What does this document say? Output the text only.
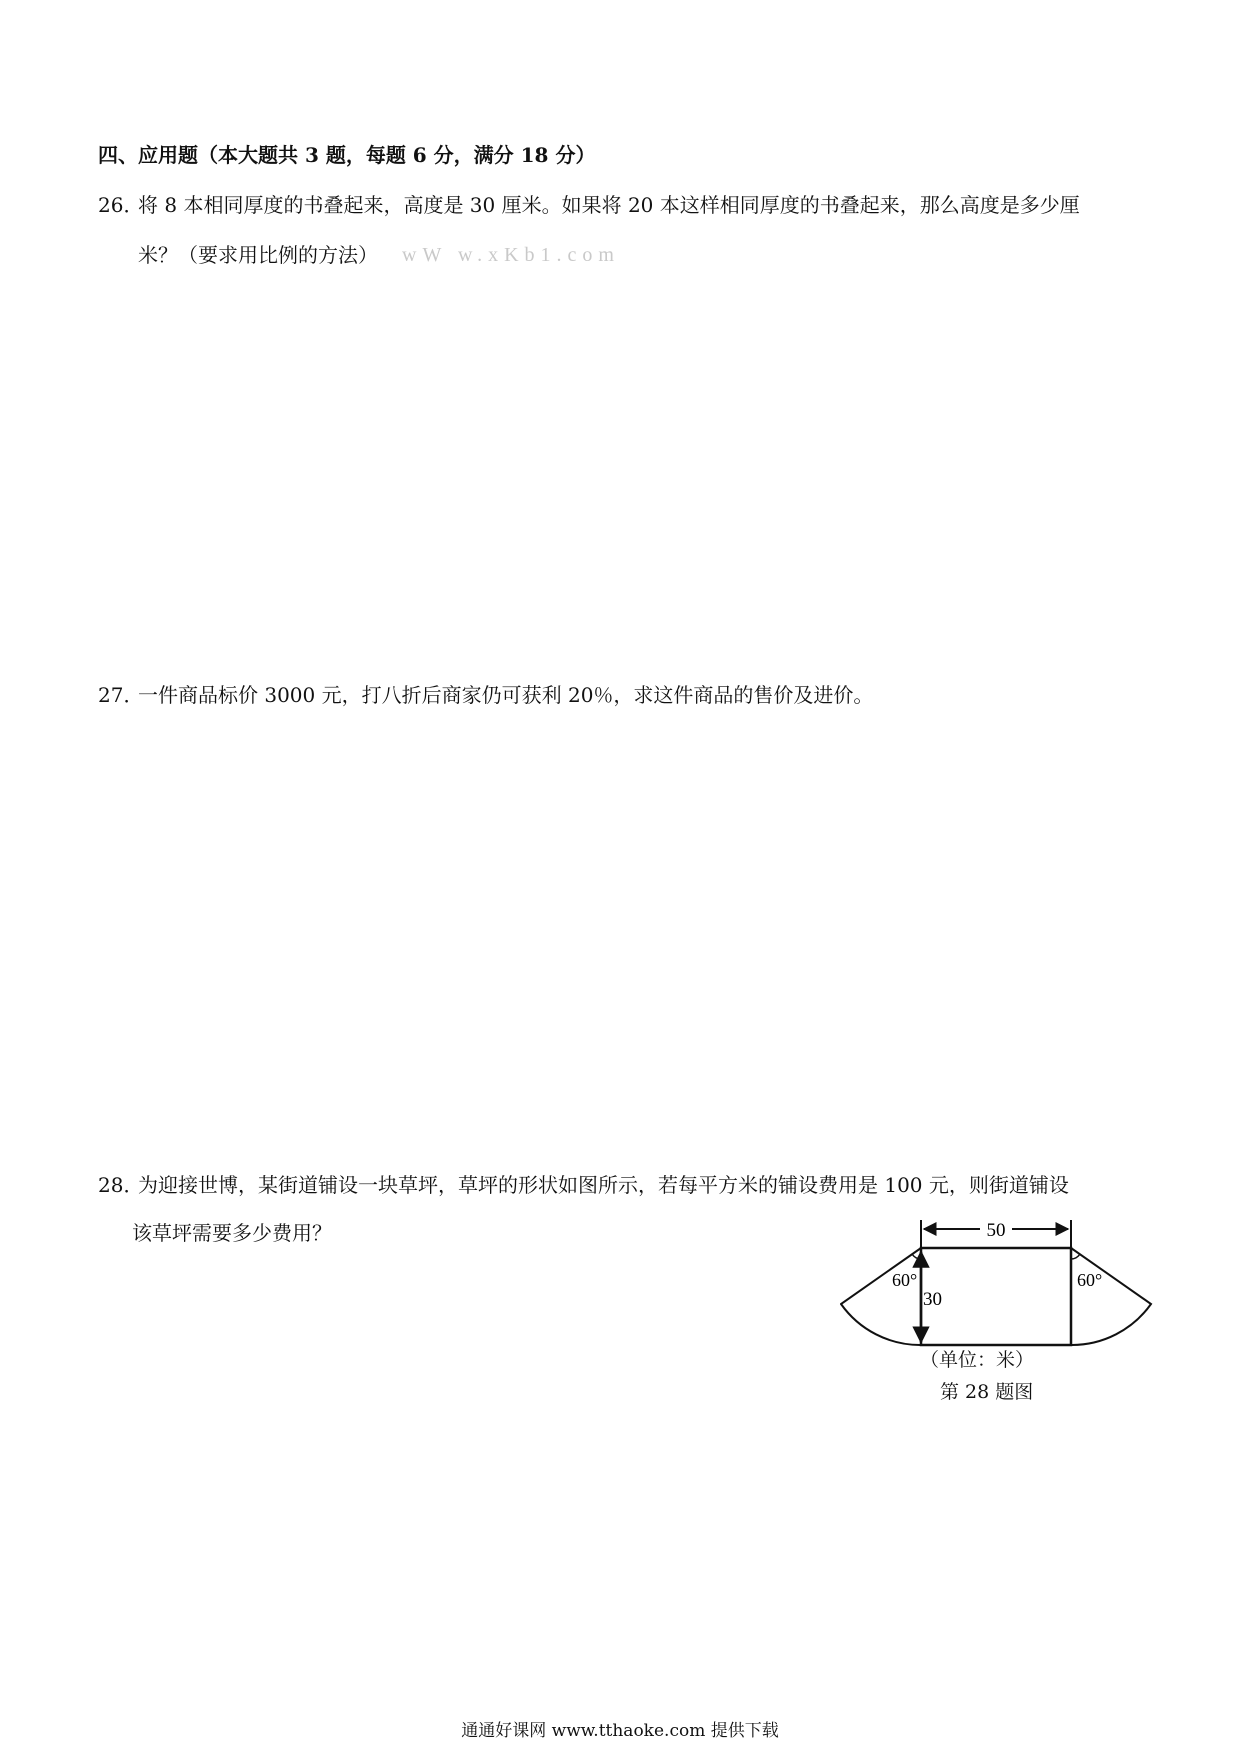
四、应用题（本大题共 3 题，每题 6 分，满分 18 分）
26．
将 8 本相同厚度的书叠起来，高度是 30 厘米。如果将 20 本这样相同厚度的书叠起来，那么高度是多少厘
米？（要求用比例的方法） wW w.xKb1.com
27．
一件商品标价 3000 元，打八折后商家仍可获利 20％，求这件商品的售价及进价。
28．
为迎接世博，某街道铺设一块草坪，草坪的形状如图所示，若每平方米的铺设费用是 100 元，则街道铺设
该草坪需要多少费用？	50
30
60°	60°
（单位：米）
第 28 题图
通通好课网 www.tthaoke.com 提供下载
